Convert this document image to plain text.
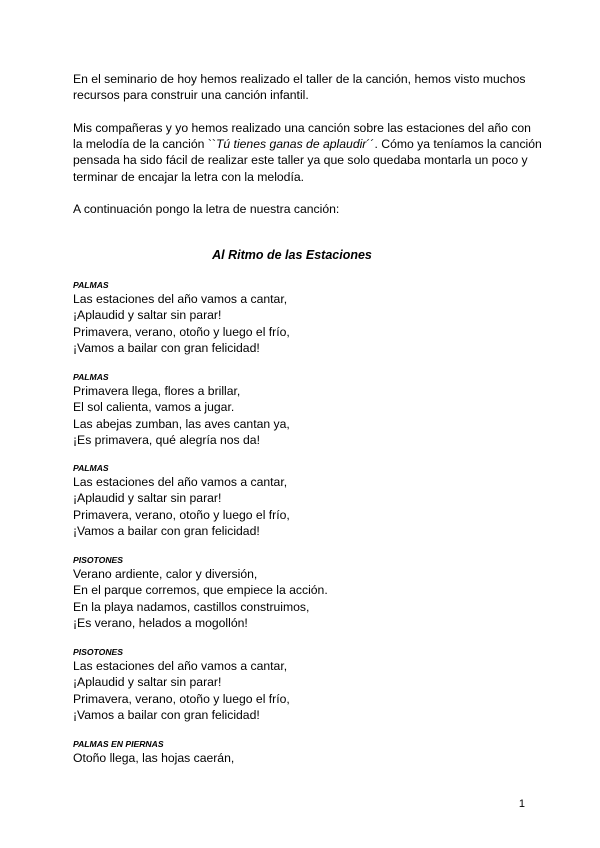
En el seminario de hoy hemos realizado el taller de la canción, hemos visto muchos recursos para construir una canción infantil.

Mis compañeras y yo hemos realizado una canción sobre las estaciones del año con la melodía de la canción ``Tú tienes ganas de aplaudir´´. Cómo ya teníamos la canción pensada ha sido fácil de realizar este taller ya que solo quedaba montarla un poco y terminar de encajar la letra con la melodía.

A continuación pongo la letra de nuestra canción:

Al Ritmo de las Estaciones
PALMAS
Las estaciones del año vamos a cantar,
¡Aplaudid y saltar sin parar!
Primavera, verano, otoño y luego el frío,
¡Vamos a bailar con gran felicidad!
PALMAS
Primavera llega, flores a brillar,
El sol calienta, vamos a jugar.
Las abejas zumban, las aves cantan ya,
¡Es primavera, qué alegría nos da!
PALMAS
Las estaciones del año vamos a cantar,
¡Aplaudid y saltar sin parar!
Primavera, verano, otoño y luego el frío,
¡Vamos a bailar con gran felicidad!
PISOTONES
Verano ardiente, calor y diversión,
En el parque corremos, que empiece la acción.
En la playa nadamos, castillos construimos,
¡Es verano, helados a mogollón!
PISOTONES
Las estaciones del año vamos a cantar,
¡Aplaudid y saltar sin parar!
Primavera, verano, otoño y luego el frío,
¡Vamos a bailar con gran felicidad!
PALMAS EN PIERNAS
Otoño llega, las hojas caerán,
1
